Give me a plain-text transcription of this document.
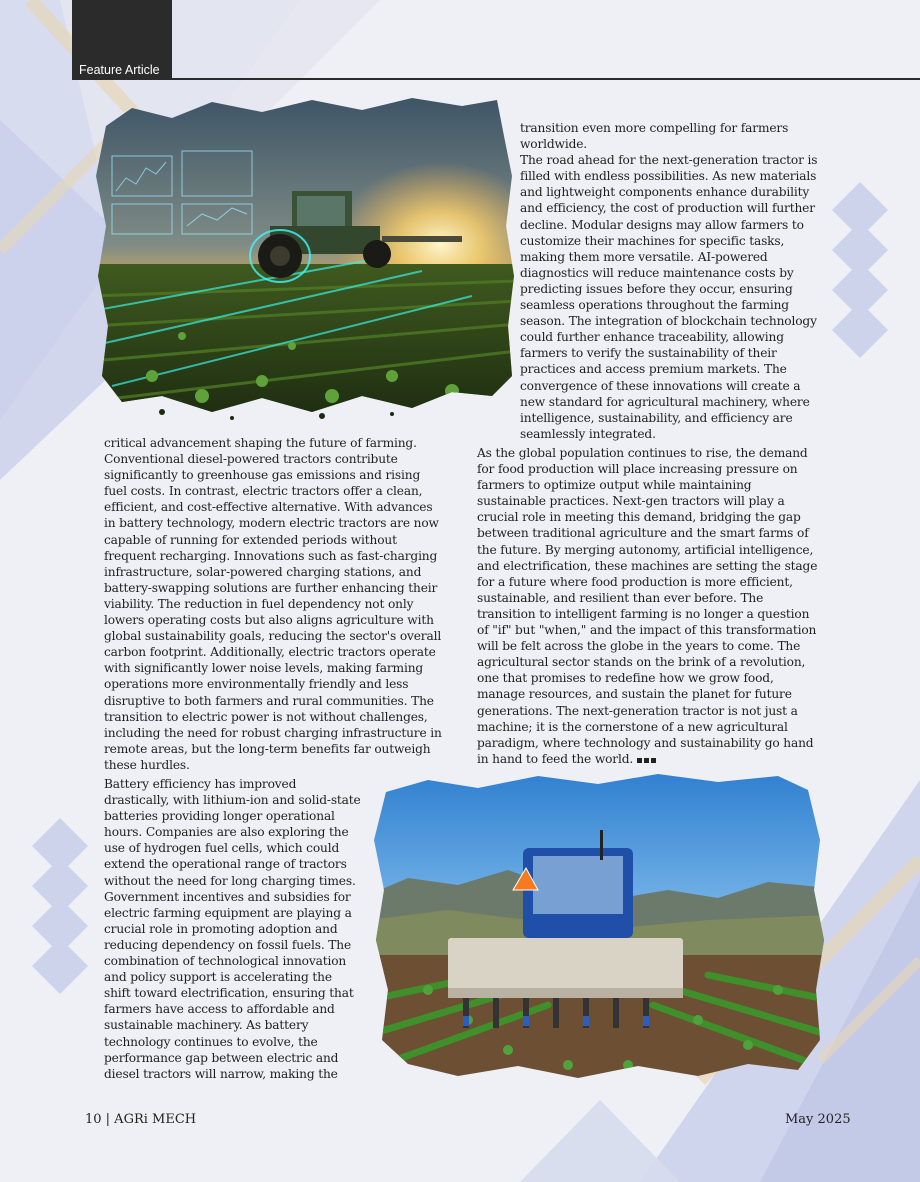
Feature Article

transition even more compelling for farmers worldwide.

The road ahead for the next-generation tractor is filled with endless possibilities. As new materials and lightweight components enhance durability and efficiency, the cost of production will further decline. Modular designs may allow farmers to customize their machines for specific tasks, making them more versatile. AI-powered diagnostics will reduce maintenance costs by predicting issues before they occur, ensuring seamless operations throughout the farming season. The integration of blockchain technology could further enhance traceability, allowing farmers to verify the sustainability of their practices and access premium markets. The convergence of these innovations will create a new standard for agricultural machinery, where intelligence, sustainability, and efficiency are seamlessly integrated.

As the global population continues to rise, the demand for food production will place increasing pressure on farmers to optimize output while maintaining sustainable practices. Next-gen tractors will play a crucial role in meeting this demand, bridging the gap between traditional agriculture and the smart farms of the future. By merging autonomy, artificial intelligence, and electrification, these machines are setting the stage for a future where food production is more efficient, sustainable, and resilient than ever before. The transition to intelligent farming is no longer a question of "if" but "when," and the impact of this transformation will be felt across the globe in the years to come. The agricultural sector stands on the brink of a revolution, one that promises to redefine how we grow food, manage resources, and sustain the planet for future generations. The next-generation tractor is not just a machine; it is the cornerstone of a new agricultural paradigm, where technology and sustainability go hand in hand to feed the world.

critical advancement shaping the future of farming. Conventional diesel-powered tractors contribute significantly to greenhouse gas emissions and rising fuel costs. In contrast, electric tractors offer a clean, efficient, and cost-effective alternative. With advances in battery technology, modern electric tractors are now capable of running for extended periods without frequent recharging. Innovations such as fast-charging infrastructure, solar-powered charging stations, and battery-swapping solutions are further enhancing their viability. The reduction in fuel dependency not only lowers operating costs but also aligns agriculture with global sustainability goals, reducing the sector's overall carbon footprint. Additionally, electric tractors operate with significantly lower noise levels, making farming operations more environmentally friendly and less disruptive to both farmers and rural communities. The transition to electric power is not without challenges, including the need for robust charging infrastructure in remote areas, but the long-term benefits far outweigh these hurdles.

Battery efficiency has improved drastically, with lithium-ion and solid-state batteries providing longer operational hours. Companies are also exploring the use of hydrogen fuel cells, which could extend the operational range of tractors without the need for long charging times. Government incentives and subsidies for electric farming equipment are playing a crucial role in promoting adoption and reducing dependency on fossil fuels. The combination of technological innovation and policy support is accelerating the shift toward electrification, ensuring that farmers have access to affordable and sustainable machinery. As battery technology continues to evolve, the performance gap between electric and diesel tractors will narrow, making the

10 | AGRi MECH	May 2025
